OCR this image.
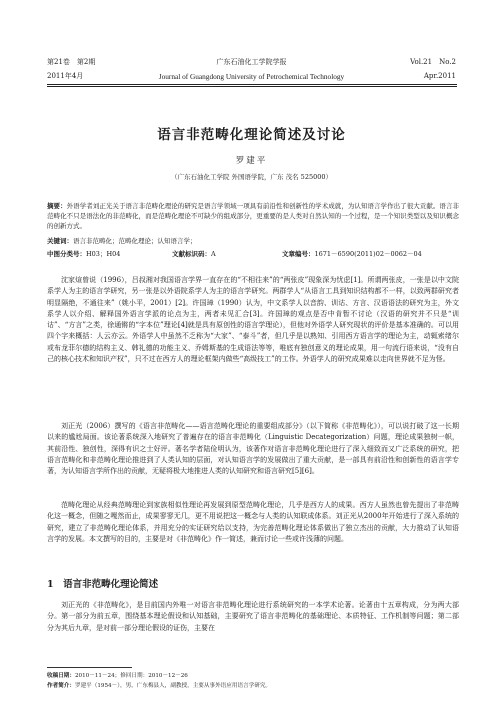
第21卷　第2期	广东石油化工学院学报	Vol.21　No.2
2011年4月	Journal of Guangdong University of Petrochemical Technology	Apr.2011
语言非范畴化理论简述及讨论
罗建平
（广东石油化工学院 外国语学院，广东 茂名 525000）
摘要：外语学者刘正光关于语言非范畴化理论的研究是语言学领域一项具有前沿性和创新性的学术成就，为认知语言学作出了很大贡献。语言非范畴化不只是语法化的非范畴化，而是范畴化理论不可缺少的组成部分，更重要的是人类对自然认知的一个过程，是一个知识类型以及知识概念的创新方式。
关键词：语言非范畴化；范畴化理论；认知语言学；
中图分类号：H03；H04	文献标识码：A	文章编号：1671－6590(2011)02－0062－04
沈家煊曾说（1996），吕叔湘对我国语言学界一直存在的“不相往来”的“两张皮”现象深为忧虑[1]。所谓两张皮，一张是以中文院系学人为主的语言学研究，另一张是以外语院系学人为主的语言学研究。两群学人“从语言工具到知识结构都不一样，以致两群研究者明显隔绝，不通往来”（姚小平，2001）[2]。许国璋（1990）认为，中文系学人以音韵、训诂、方言、汉语语法的研究为主，外文系学人以介绍、解释国外语言学派的论点为主，两者未见汇合[3]。许国璋的观点是否中肯暂不讨论（汉语的研究并不只是“训诂”、“方言”之类，徐通锵的“字本位”理论[4]就是具有原创性的语言学理论），但他对外语学人研究现状的评价是基本准确的。可以用四个字来概括：人云亦云。外语学人中虽然不乏称为“大家”、“泰斗”者，但几乎是以熟知、引用西方语言学的理论为主，动辄索绪尔或布龙菲尔德的结构主义、韩礼德的功能主义、乔姆斯基的生成语法等等，唯底有独创意义的理论成果，用一句流行语来说，“没有自己的核心技术和知识产权”，只不过在西方人的理论框架内做些“高级技工”的工作。外语学人的研究成果难以走向世界就不足为怪。
刘正光（2006）撰写的《语言非范畴化——语言范畴化理论的重要组成部分》（以下简称《非范畴化》），可以说打破了这一长期以来的尴尬局面。该论著系统深入地研究了普遍存在的语言非范畴化（Linguistic Decategorization）问题，理论成果独树一帜，其前沿性、独创性，深得有识之士好评。著名学者陆俭明认为，该著作对语言非范畴化理论进行了深入细致而又广泛系统的研究，把语言范畴化和非范畴化理论推进到了人类认知的层面，对认知语言学的发展做出了重大贡献，是一部具有前沿性和创新性的语言学专著，为认知语言学所作出的贡献，无疑将极大地推进人类的认知研究和语言研究[5][6]。
范畴化理论从经典范畴理论到家族相似性理论再发展到原型范畴化理论，几乎是西方人的成果。西方人虽然也曾先提出了非范畴化这一概念，但随之嘎然而止，成果寥寥无几，更不用说把这一概念与人类的认知联成体系。刘正光从2000年开始进行了深入系统的研究，建立了非范畴化理论体系，并用充分的实证研究给以支持，为完善范畴化理论体系做出了独立杰出的贡献，大力推动了认知语言学的发展。本文撰写的目的，主要是对《非范畴化》作一简述，兼而讨论一些或许浅薄的问题。
1　语言非范畴化理论简述
刘正光的《非范畴化》，是目前国内外唯一对语言非范畴化理论进行系统研究的一本学术论著。论著由十五章构成，分为两大部分。第一部分为前五章，围绕基本理论假设和认知基础，主要研究了语言非范畴化的基础理论、本质特征、工作机制等问题；第二部分为其后九章，是对前一部分理论假设的证伤，主要在
收稿日期：2010－11－24；修回日期：2010－12－26
作者简介：罗建平（1954－），男，广东梅县人，副教授，主要从事外语应用语言学研究。
